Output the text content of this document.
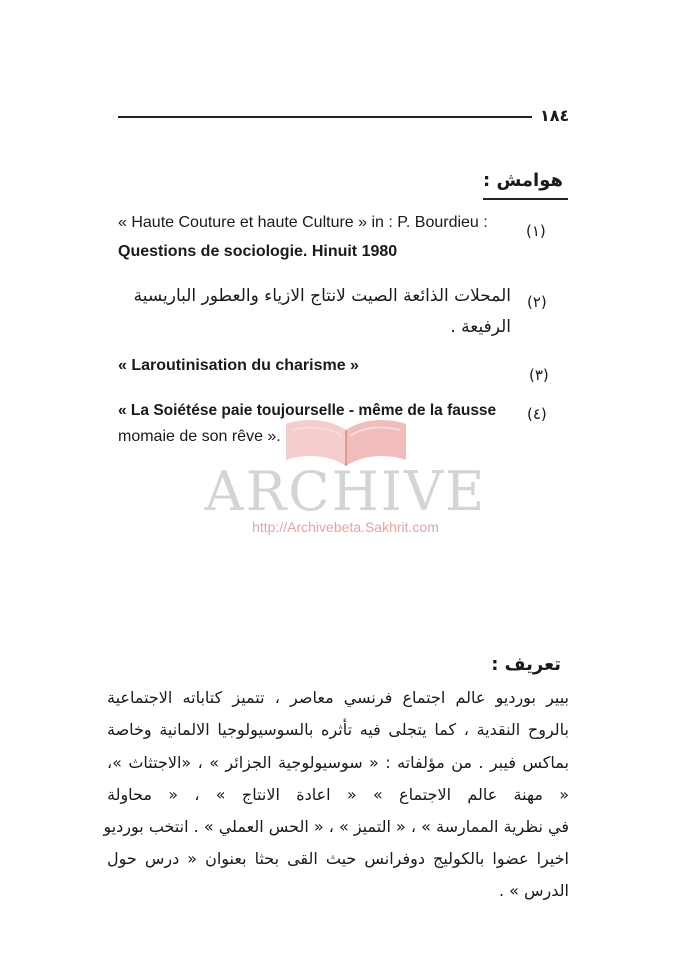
١٨٤
هوامش :
(١)
« Haute Couture et haute Culture » in : P. Bourdieu :
Questions de sociologie. Hinuit 1980
(٢)
المحلات الذائعة الصيت لانتاج الازياء والعطور الباريسية
الرفيعة .
(٣)
« Laroutinisation du charisme »
(٤)
« La Soiétése paie toujourselle - même de la fausse
momaie de son rêve ».
ARCHIVE
http://Archivebeta.Sakhrit.com
تعريف :
بيير بورديو عالم اجتماع فرنسي معاصر ، تتميز كتاباته الاجتماعية
بالروح النقدية ، كما يتجلى فيه تأثره بالسوسيولوجيا الالمانية وخاصة
بماكس فيبر . من مؤلفاته : « سوسيولوجية الجزائر » ، «الاجتثاث »،
« مهنة عالم الاجتماع » « اعادة الانتاج » ، « محاولة
في نظرية الممارسة » ، « التميز » ، « الحس العملي » . انتخب بورديو
اخيرا عضوا بالكوليج دوفرانس حيث القى بحثا بعنوان « درس حول
الدرس » .
